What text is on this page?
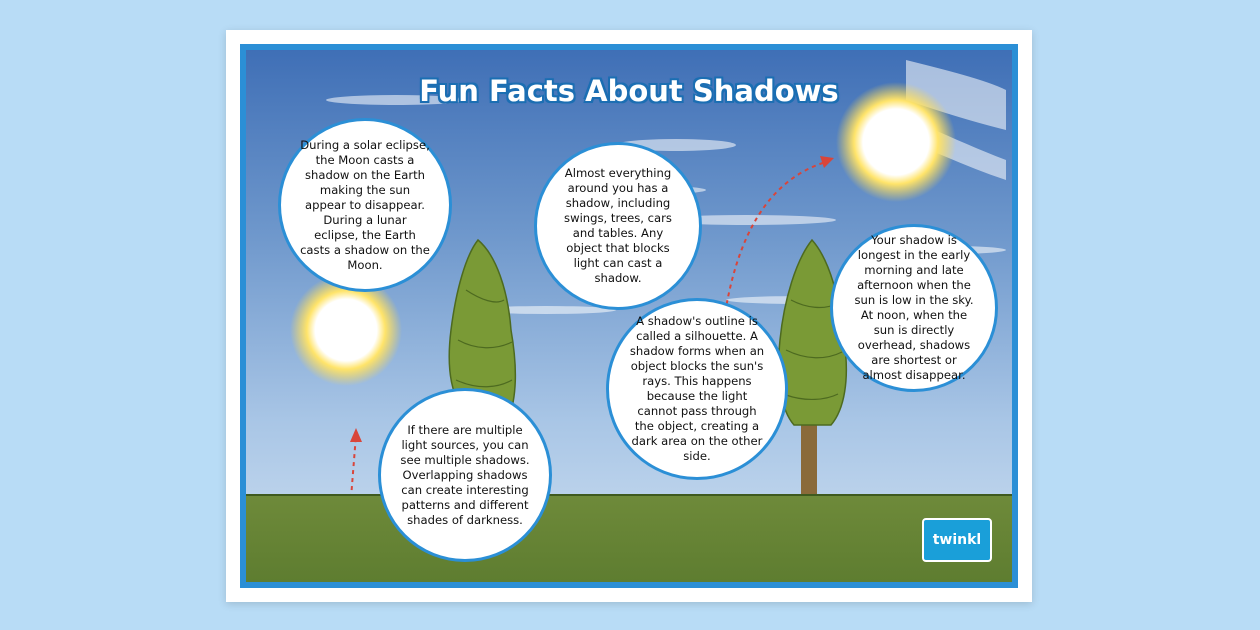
Fun Facts About Shadows
During a solar eclipse, the Moon casts a shadow on the Earth making the sun appear to disappear. During a lunar eclipse, the Earth casts a shadow on the Moon.
Almost everything around you has a shadow, including swings, trees, cars and tables. Any object that blocks light can cast a shadow.
Your shadow is longest in the early morning and late afternoon when the sun is low in the sky. At noon, when the sun is directly overhead, shadows are shortest or almost disappear.
A shadow's outline is called a silhouette. A shadow forms when an object blocks the sun's rays. This happens because the light cannot pass through the object, creating a dark area on the other side.
If there are multiple light sources, you can see multiple shadows. Overlapping shadows can create interesting patterns and different shades of darkness.
twinkl
